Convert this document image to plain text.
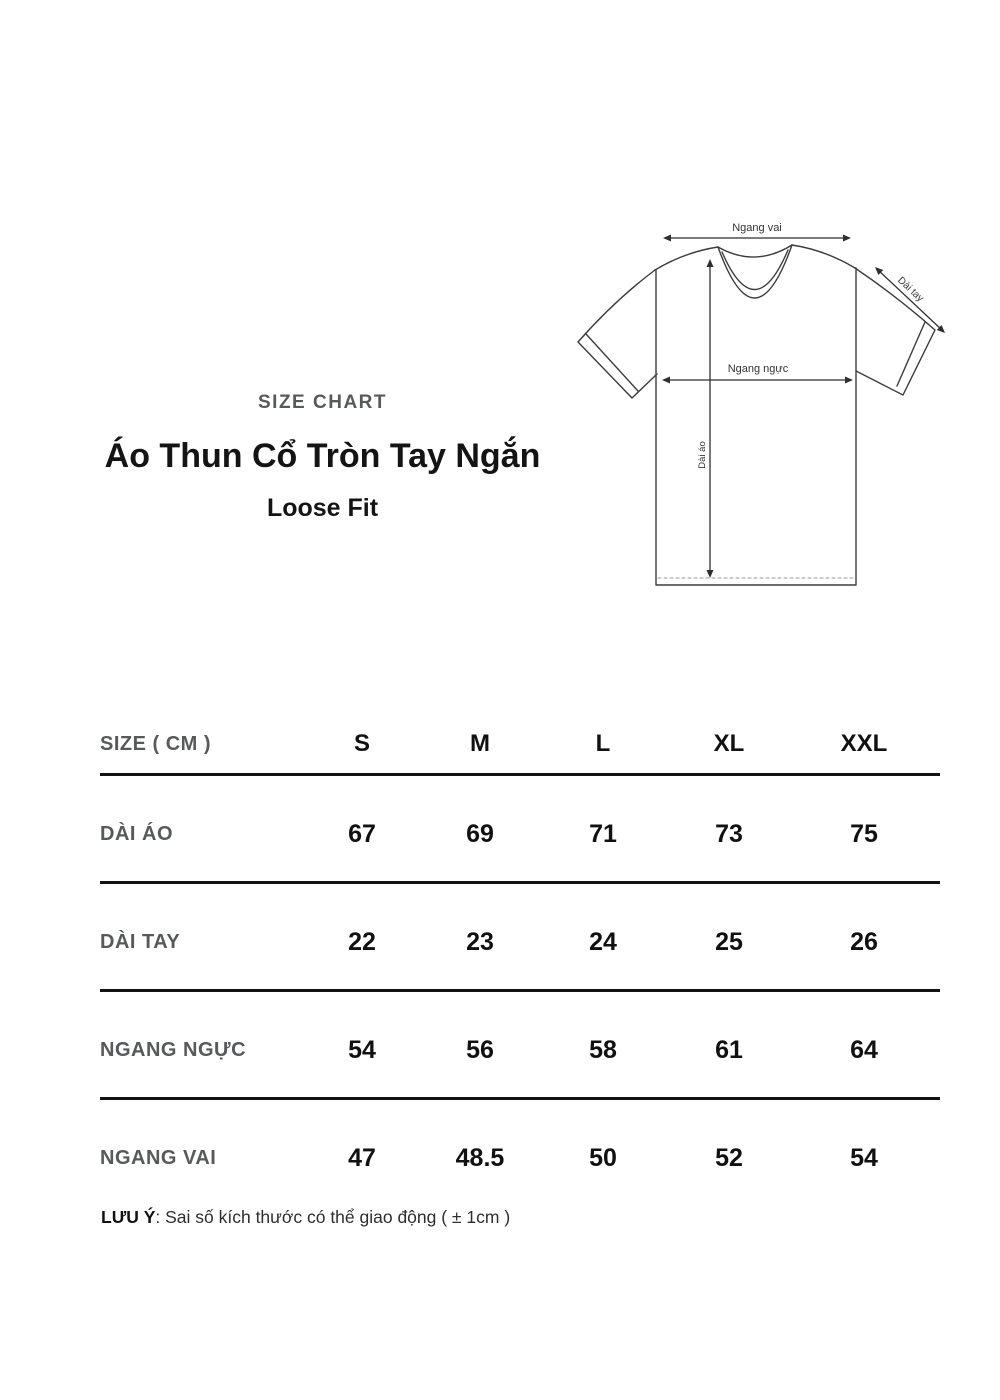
Ngang vai
Ngang ngực
Dài áo
Dài tay
SIZE CHART
Áo Thun Cổ Tròn Tay Ngắn
Loose Fit
SIZE ( CM )	S	M	L	XL	XXL
DÀI ÁO	67	69	71	73	75
DÀI TAY	22	23	24	25	26
NGANG NGỰC	54	56	58	61	64
NGANG VAI	47	48.5	50	52	54
LƯU Ý: Sai số kích thước có thể giao động ( ± 1cm )
